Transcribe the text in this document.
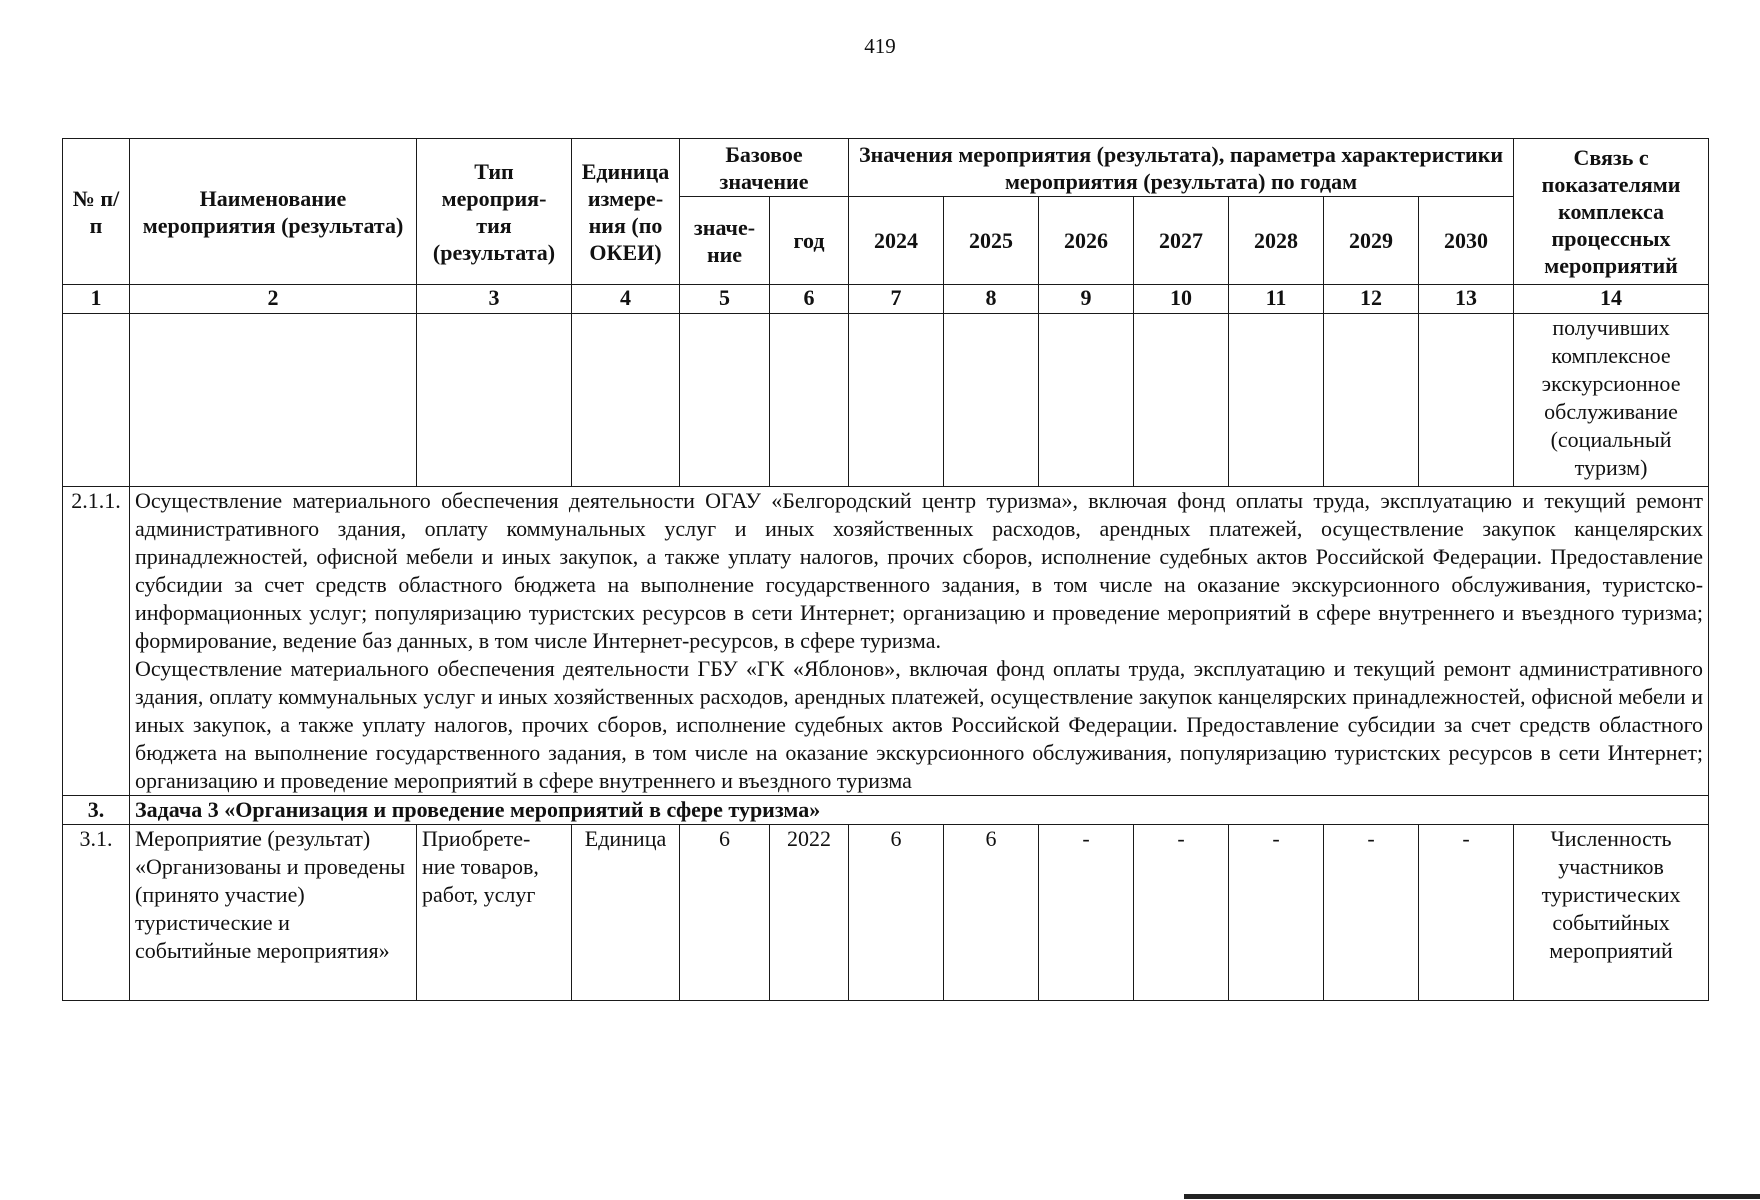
419
№ п/п	Наименование мероприятия (результата)	Тип мероприя- тия (результата)	Единица измере- ния (по ОКЕИ)	Базовое значение		Значения мероприятия (результата), параметра характеристики мероприятия (результата) по годам							Связь с показателями комплекса процессных мероприятий
				значе- ние	год	2024	2025	2026	2027	2028	2029	2030	
1	2	3	4	5	6	7	8	9	10	11	12	13	14
													получивших комплексное экскурсионное обслуживание (социальный туризм)
2.1.1.	Осуществление материального обеспечения деятельности ОГАУ «Белгородский центр туризма», включая фонд оплаты труда, эксплуатацию и текущий ремонт административного здания, оплату коммунальных услуг и иных хозяйственных расходов, арендных платежей, осуществление закупок канцелярских принадлежностей, офисной мебели и иных закупок, а также уплату налогов, прочих сборов, исполнение судебных актов Российской Федерации. Предоставление субсидии за счет средств областного бюджета на выполнение государственного задания, в том числе на оказание экскурсионного обслуживания, туристско-информационных услуг; популяризацию туристских ресурсов в сети Интернет; организацию и проведение мероприятий в сфере внутреннего и въездного туризма; формирование, ведение баз данных, в том числе Интернет-ресурсов, в сфере туризма.

Осуществление материального обеспечения деятельности ГБУ «ГК «Яблонов», включая фонд оплаты труда, эксплуатацию и текущий ремонт административного здания, оплату коммунальных услуг и иных хозяйственных расходов, арендных платежей, осуществление закупок канцелярских принадлежностей, офисной мебели и иных закупок, а также уплату налогов, прочих сборов, исполнение судебных актов Российской Федерации. Предоставление субсидии за счет средств областного бюджета на выполнение государственного задания, в том числе на оказание экскурсионного обслуживания, популяризацию туристских ресурсов в сети Интернет; организацию и проведение мероприятий в сфере внутреннего и въездного туризма												

3.	Задача 3 «Организация и проведение мероприятий в сфере туризма»												
3.1.	Мероприятие (результат) «Организованы и проведены (принято участие) туристические и событийные мероприятия»	Приобрете- ние товаров, работ, услуг	Единица	6	2022	6	6	-	-	-	-	-	Численность участников туристических событийных мероприятий
